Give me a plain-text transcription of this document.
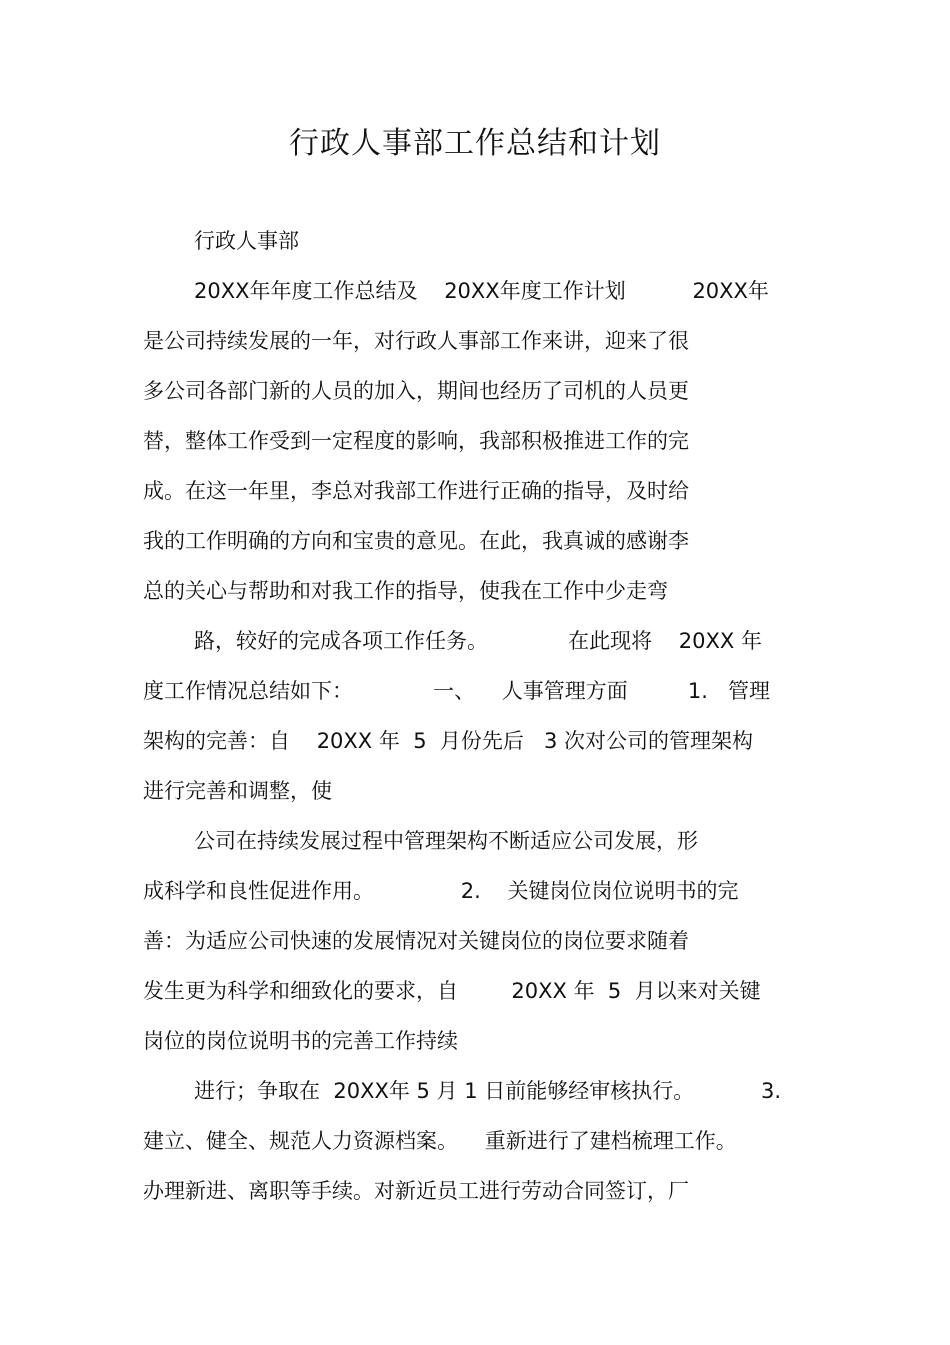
行政人事部工作总结和计划

行政人事部

20XX年年度工作总结及    20XX年度工作计划          20XX年

是公司持续发展的一年，对行政人事部工作来讲，迎来了很

多公司各部门新的人员的加入，期间也经历了司机的人员更

替，整体工作受到一定程度的影响，我部积极推进工作的完

成。在这一年里，李总对我部工作进行正确的指导，及时给

我的工作明确的方向和宝贵的意见。在此，我真诚的感谢李

总的关心与帮助和对我工作的指导，使我在工作中少走弯

路，较好的完成各项工作任务。            在此现将    20XX 年

度工作情况总结如下：            一、    人事管理方面         1.   管理

架构的完善：自    20XX 年  5  月份先后   3 次对公司的管理架构

进行完善和调整，使

公司在持续发展过程中管理架构不断适应公司发展，形

成科学和良性促进作用。             2.    关键岗位岗位说明书的完

善：为适应公司快速的发展情况对关键岗位的岗位要求随着

发生更为科学和细致化的要求，自        20XX 年  5  月以来对关键

岗位的岗位说明书的完善工作持续

进行；争取在  20XX年 5 月 1 日前能够经审核执行。          3.

建立、健全、规范人力资源档案。    重新进行了建档梳理工作。

办理新进、离职等手续。对新近员工进行劳动合同签订，厂
